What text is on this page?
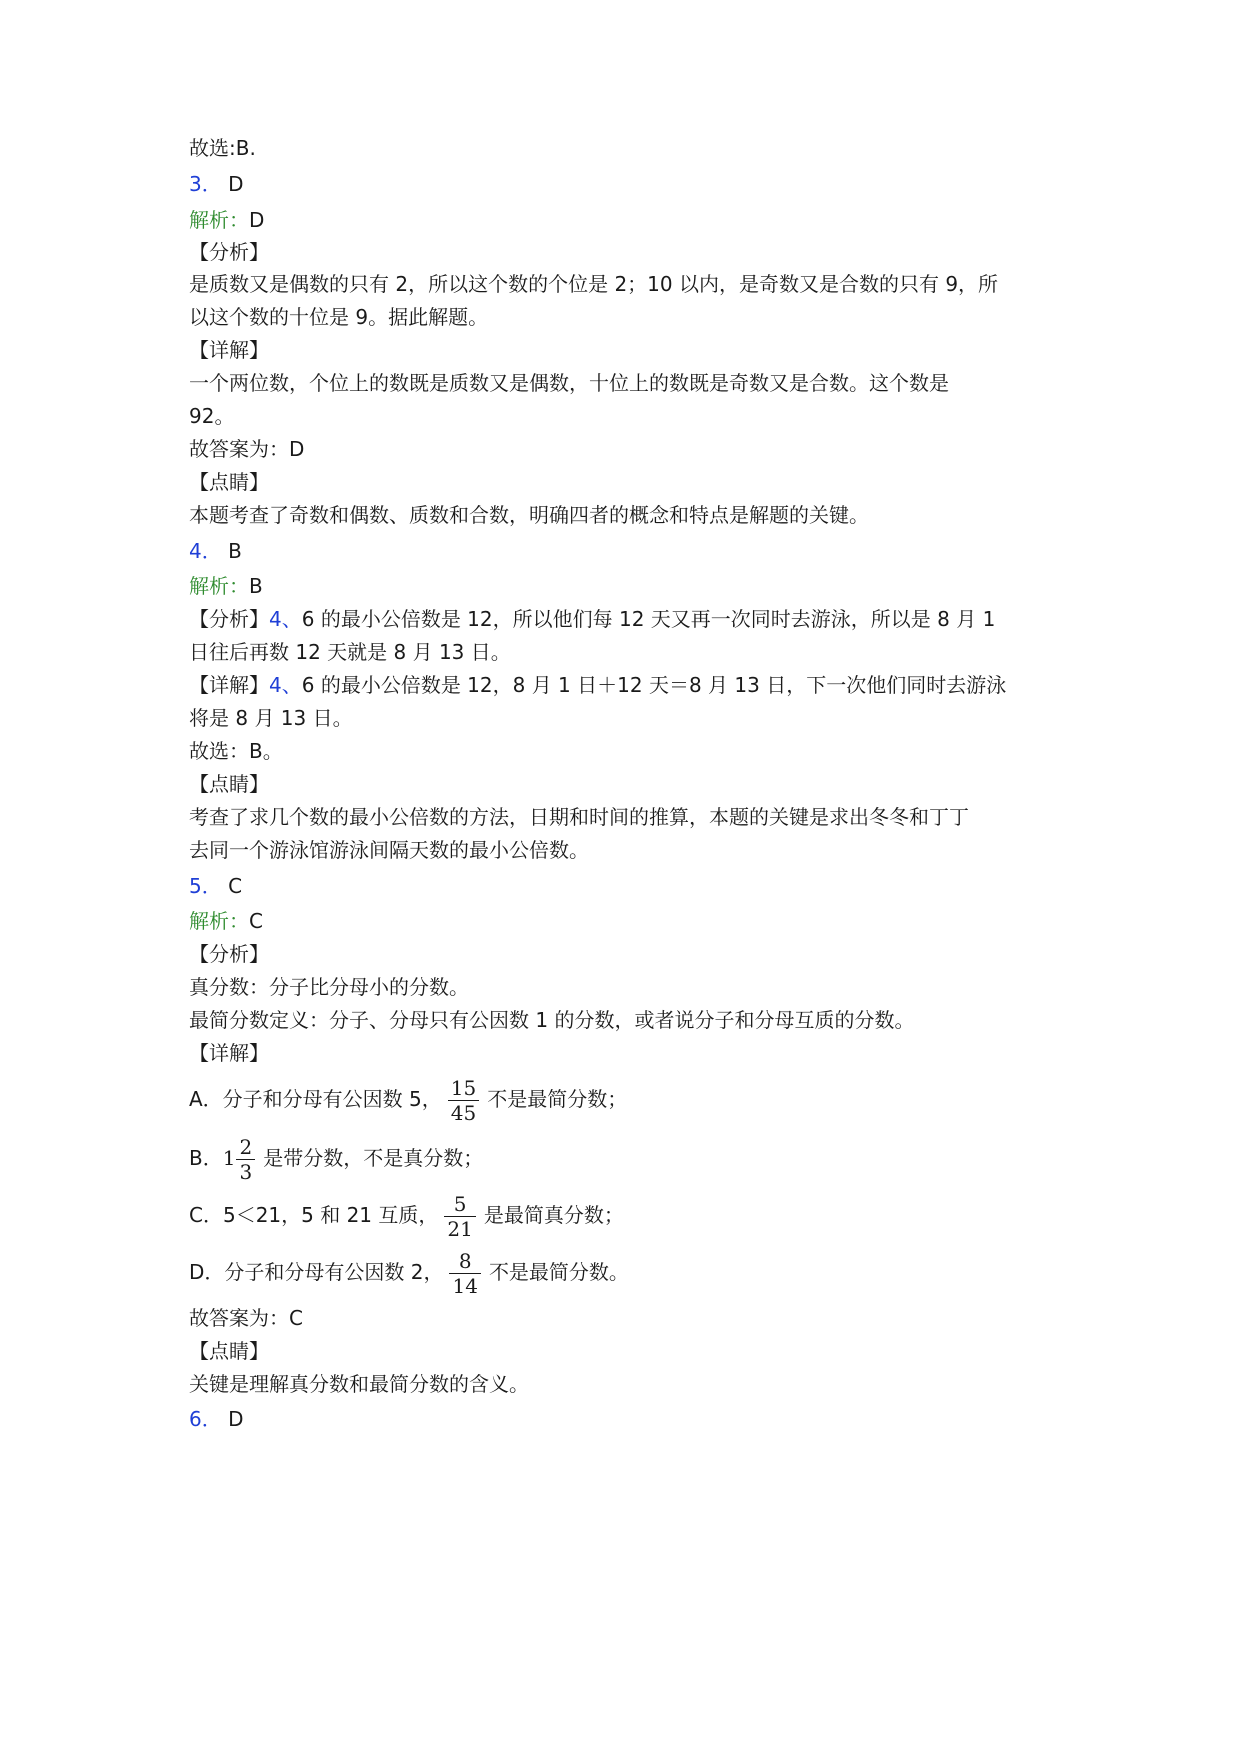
故选:B.
3． D
解析：D
【分析】
是质数又是偶数的只有 2，所以这个数的个位是 2；10 以内，是奇数又是合数的只有 9，所
以这个数的十位是 9。据此解题。
【详解】
一个两位数，个位上的数既是质数又是偶数，十位上的数既是奇数又是合数。这个数是
92。
故答案为：D
【点睛】
本题考查了奇数和偶数、质数和合数，明确四者的概念和特点是解题的关键。
4． B
解析：B
【分析】4、6 的最小公倍数是 12，所以他们每 12 天又再一次同时去游泳，所以是 8 月 1
日往后再数 12 天就是 8 月 13 日。
【详解】4、6 的最小公倍数是 12，8 月 1 日＋12 天＝8 月 13 日，下一次他们同时去游泳
将是 8 月 13 日。
故选：B。
【点睛】
考查了求几个数的最小公倍数的方法，日期和时间的推算，本题的关键是求出冬冬和丁丁
去同一个游泳馆游泳间隔天数的最小公倍数。
5． C
解析：C
【分析】
真分数：分子比分母小的分数。
最简分数定义：分子、分母只有公因数 1 的分数，或者说分子和分母互质的分数。
【详解】
A．分子和分母有公因数 5， $\frac{15}{45}$ 不是最简分数；
B．$1 \frac{2}{3}$ 是带分数，不是真分数；
C．5＜21，5 和 21 互质， $\frac{5}{21}$ 是最简真分数；
D．分子和分母有公因数 2， $\frac{8}{14}$ 不是最简分数。
故答案为：C
【点睛】
关键是理解真分数和最简分数的含义。
6． D
